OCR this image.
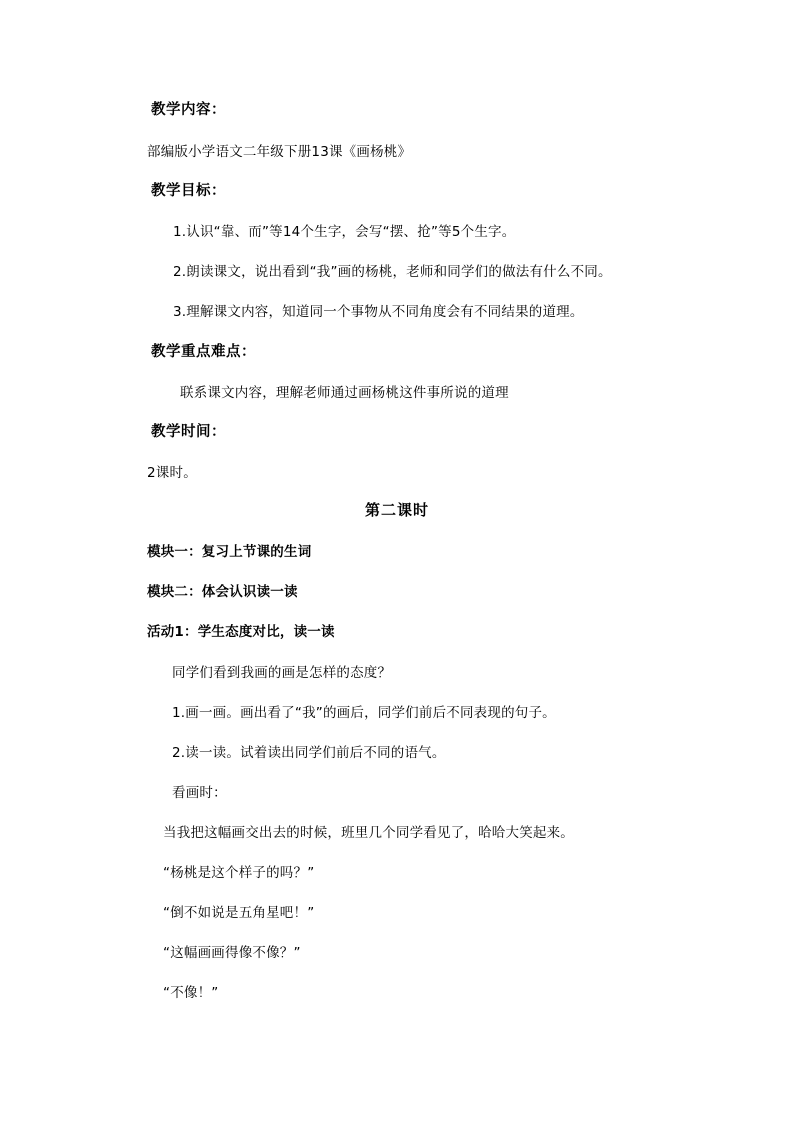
教学内容：
部编版小学语文二年级下册13课《画杨桃》
教学目标：
1.认识“靠、而”等14个生字，会写“摆、抢”等5个生字。
2.朗读课文，说出看到“我”画的杨桃，老师和同学们的做法有什么不同。
3.理解课文内容，知道同一个事物从不同角度会有不同结果的道理。
教学重点难点：
联系课文内容，理解老师通过画杨桃这件事所说的道理
教学时间：
2课时。
第二课时
模块一：复习上节课的生词
模块二：体会认识读一读
活动1：学生态度对比，读一读
同学们看到我画的画是怎样的态度？
1.画一画。画出看了“我”的画后，同学们前后不同表现的句子。
2.读一读。试着读出同学们前后不同的语气。
看画时：
当我把这幅画交出去的时候，班里几个同学看见了，哈哈大笑起来。
“杨桃是这个样子的吗？”
“倒不如说是五角星吧！”
“这幅画画得像不像？”
“不像！”
